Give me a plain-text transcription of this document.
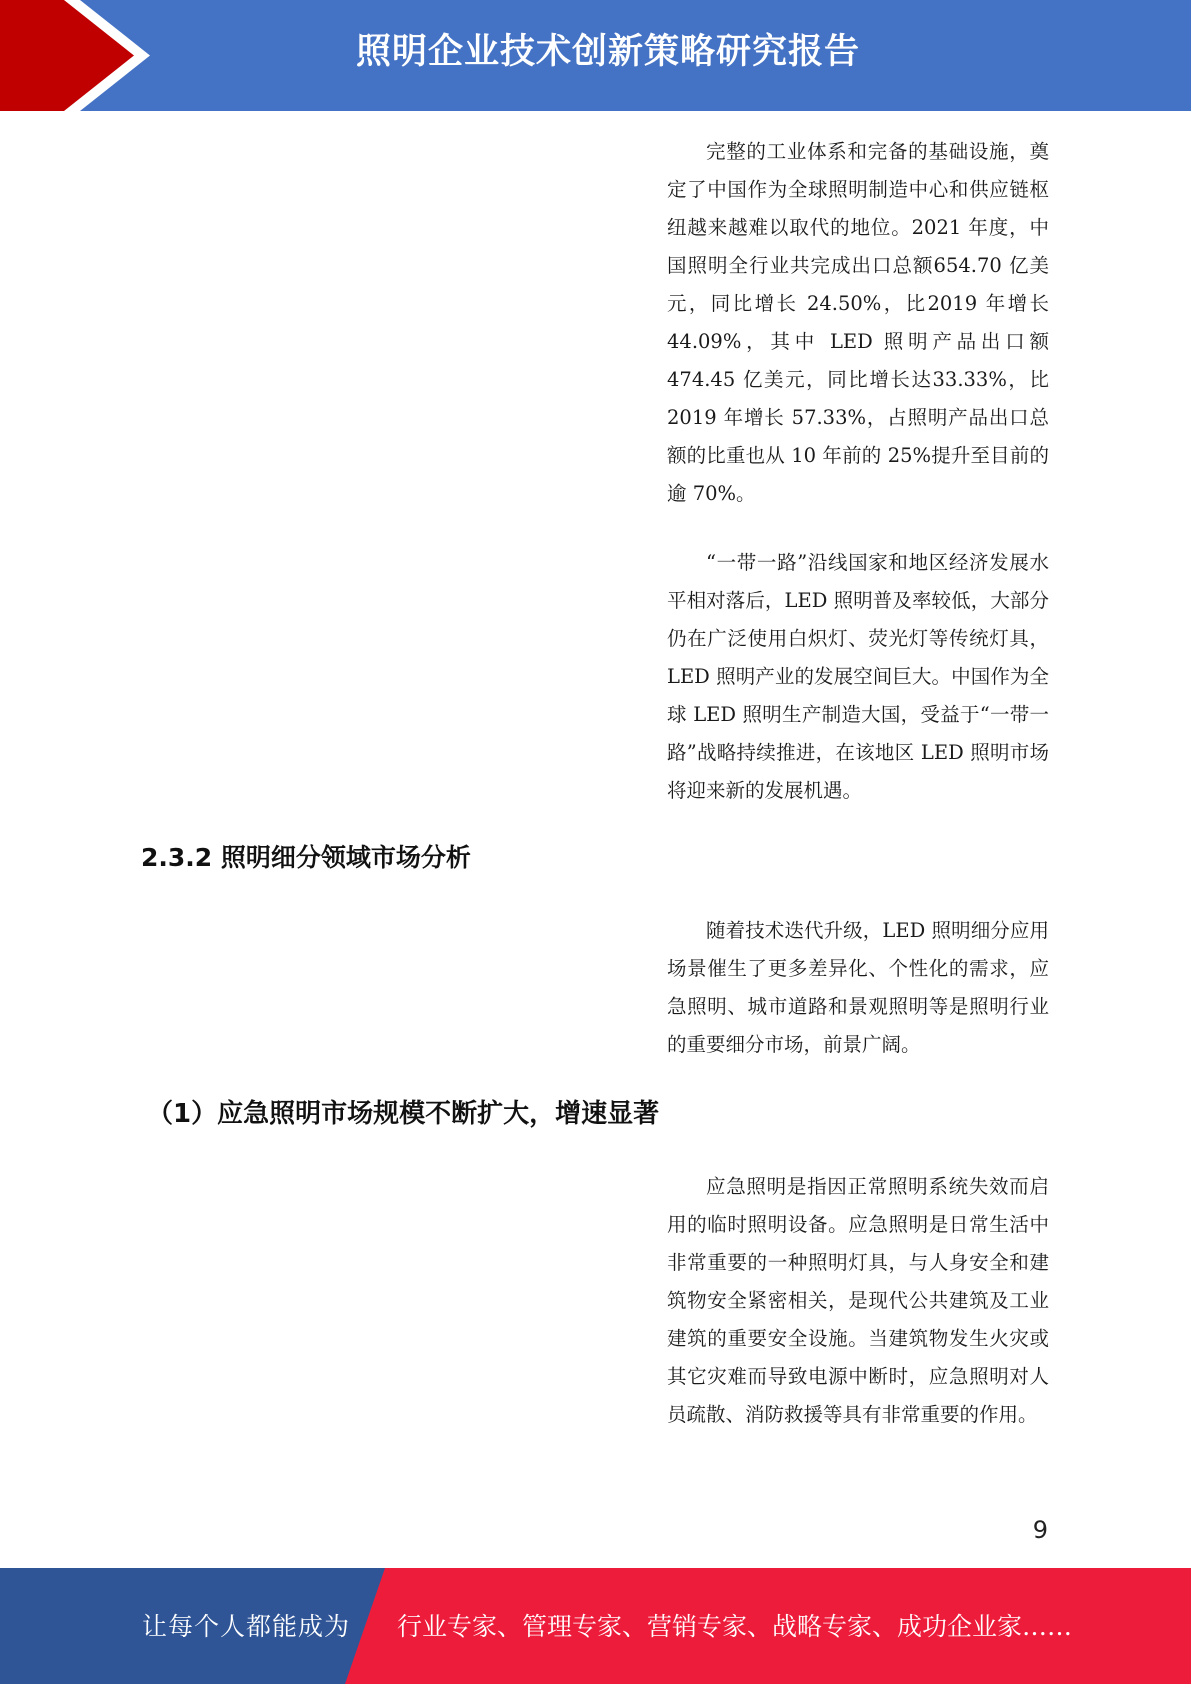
照明企业技术创新策略研究报告

完整的工业体系和完备的基础设施，奠定了中国作为全球照明制造中心和供应链枢纽越来越难以取代的地位。2021 年度，中国照明全行业共完成出口总额654.70 亿美元，同比增长 24.50%，比2019 年增长 44.09%，其中 LED 照明产品出口额 474.45 亿美元，同比增长达33.33%，比 2019 年增长 57.33%，占照明产品出口总额的比重也从 10 年前的 25%提升至目前的逾 70%。

“一带一路”沿线国家和地区经济发展水平相对落后，LED 照明普及率较低，大部分仍在广泛使用白炽灯、荧光灯等传统灯具，LED 照明产业的发展空间巨大。中国作为全球 LED 照明生产制造大国，受益于“一带一路”战略持续推进，在该地区 LED 照明市场将迎来新的发展机遇。

2.3.2 照明细分领域市场分析

随着技术迭代升级，LED 照明细分应用场景催生了更多差异化、个性化的需求，应急照明、城市道路和景观照明等是照明行业的重要细分市场，前景广阔。

（1）应急照明市场规模不断扩大，增速显著

应急照明是指因正常照明系统失效而启用的临时照明设备。应急照明是日常生活中非常重要的一种照明灯具，与人身安全和建筑物安全紧密相关，是现代公共建筑及工业建筑的重要安全设施。当建筑物发生火灾或其它灾难而导致电源中断时，应急照明对人员疏散、消防救援等具有非常重要的作用。

9
让每个人都能成为 行业专家、管理专家、营销专家、战略专家、成功企业家……
